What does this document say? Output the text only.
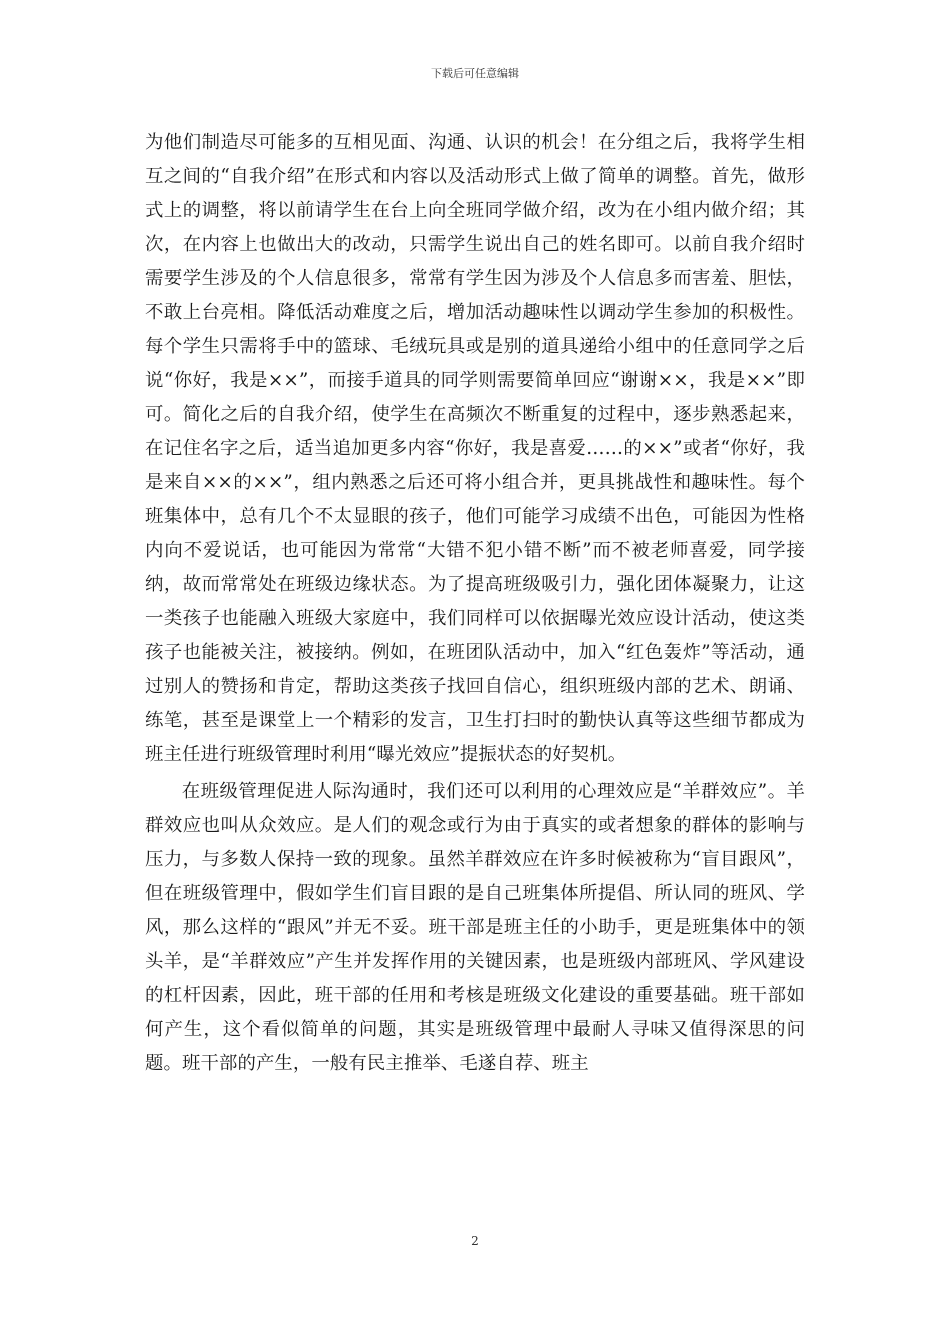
下载后可任意编辑

为他们制造尽可能多的互相见面、沟通、认识的机会！在分组之后，我将学生相互之间的“自我介绍”在形式和内容以及活动形式上做了简单的调整。首先，做形式上的调整，将以前请学生在台上向全班同学做介绍，改为在小组内做介绍；其次，在内容上也做出大的改动，只需学生说出自己的姓名即可。以前自我介绍时需要学生涉及的个人信息很多，常常有学生因为涉及个人信息多而害羞、胆怯，不敢上台亮相。降低活动难度之后，增加活动趣味性以调动学生参加的积极性。每个学生只需将手中的篮球、毛绒玩具或是别的道具递给小组中的任意同学之后说“你好，我是××”，而接手道具的同学则需要简单回应“谢谢××，我是××”即可。简化之后的自我介绍，使学生在高频次不断重复的过程中，逐步熟悉起来，在记住名字之后，适当追加更多内容“你好，我是喜爱……的××”或者“你好，我是来自××的××”，组内熟悉之后还可将小组合并，更具挑战性和趣味性。每个班集体中，总有几个不太显眼的孩子，他们可能学习成绩不出色，可能因为性格内向不爱说话，也可能因为常常“大错不犯小错不断”而不被老师喜爱，同学接纳，故而常常处在班级边缘状态。为了提高班级吸引力，强化团体凝聚力，让这一类孩子也能融入班级大家庭中，我们同样可以依据曝光效应设计活动，使这类孩子也能被关注，被接纳。例如，在班团队活动中，加入“红色轰炸”等活动，通过别人的赞扬和肯定，帮助这类孩子找回自信心，组织班级内部的艺术、朗诵、练笔，甚至是课堂上一个精彩的发言，卫生打扫时的勤快认真等这些细节都成为班主任进行班级管理时利用“曝光效应”提振状态的好契机。

在班级管理促进人际沟通时，我们还可以利用的心理效应是“羊群效应”。羊群效应也叫从众效应。是人们的观念或行为由于真实的或者想象的群体的影响与压力，与多数人保持一致的现象。虽然羊群效应在许多时候被称为“盲目跟风”，但在班级管理中，假如学生们盲目跟的是自己班集体所提倡、所认同的班风、学风，那么这样的“跟风”并无不妥。班干部是班主任的小助手，更是班集体中的领头羊，是“羊群效应”产生并发挥作用的关键因素，也是班级内部班风、学风建设的杠杆因素，因此，班干部的任用和考核是班级文化建设的重要基础。班干部如何产生，这个看似简单的问题，其实是班级管理中最耐人寻味又值得深思的问题。班干部的产生，一般有民主推举、毛遂自荐、班主

2
